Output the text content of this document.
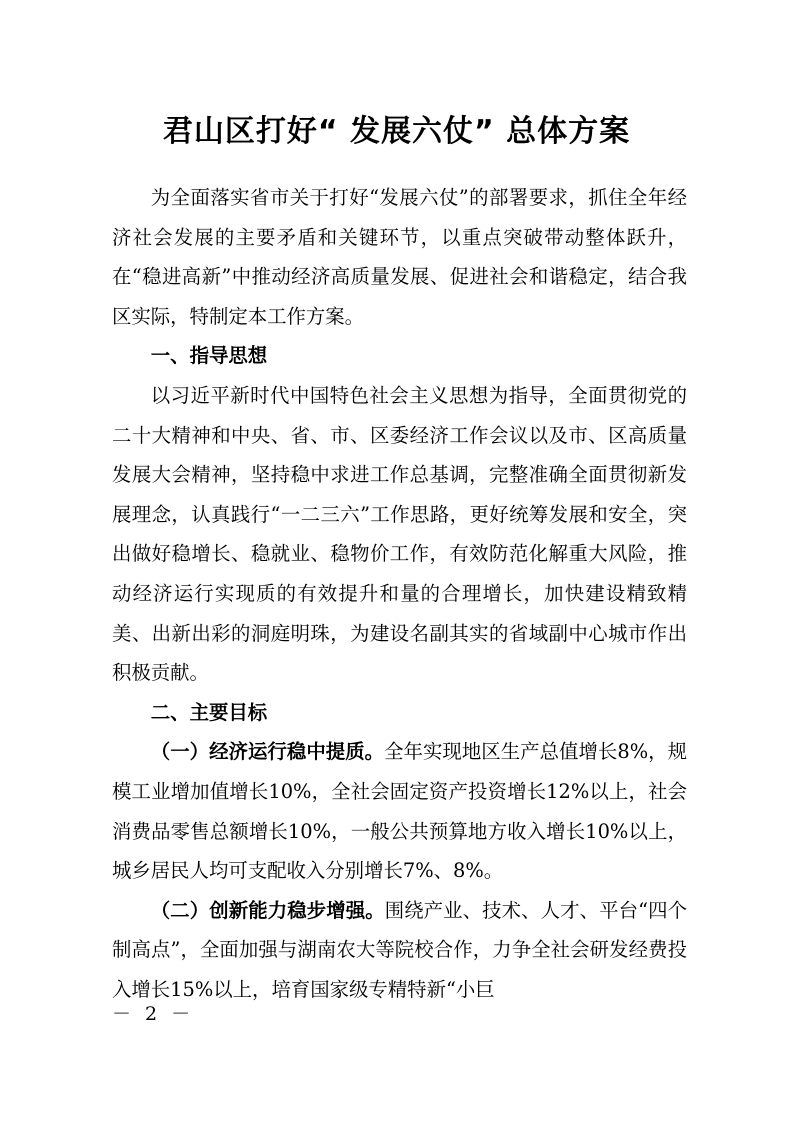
君山区打好“ 发展六仗” 总体方案

为全面落实省市关于打好“发展六仗”的部署要求，抓住全年经济社会发展的主要矛盾和关键环节，以重点突破带动整体跃升，在“稳进高新”中推动经济高质量发展、促进社会和谐稳定，结合我区实际，特制定本工作方案。

一、指导思想

以习近平新时代中国特色社会主义思想为指导，全面贯彻党的二十大精神和中央、省、市、区委经济工作会议以及市、区高质量发展大会精神，坚持稳中求进工作总基调，完整准确全面贯彻新发展理念，认真践行“一二三六”工作思路，更好统筹发展和安全，突出做好稳增长、稳就业、稳物价工作，有效防范化解重大风险，推动经济运行实现质的有效提升和量的合理增长，加快建设精致精美、出新出彩的洞庭明珠，为建设名副其实的省域副中心城市作出积极贡献。

二、主要目标

（一）经济运行稳中提质。全年实现地区生产总值增长8%，规模工业增加值增长10%，全社会固定资产投资增长12%以上，社会消费品零售总额增长10%，一般公共预算地方收入增长10%以上，城乡居民人均可支配收入分别增长7%、8%。

（二）创新能力稳步增强。围绕产业、技术、人才、平台“四个制高点”，全面加强与湖南农大等院校合作，力争全社会研发经费投入增长15%以上，培育国家级专精特新“小巨

－ 2 －
